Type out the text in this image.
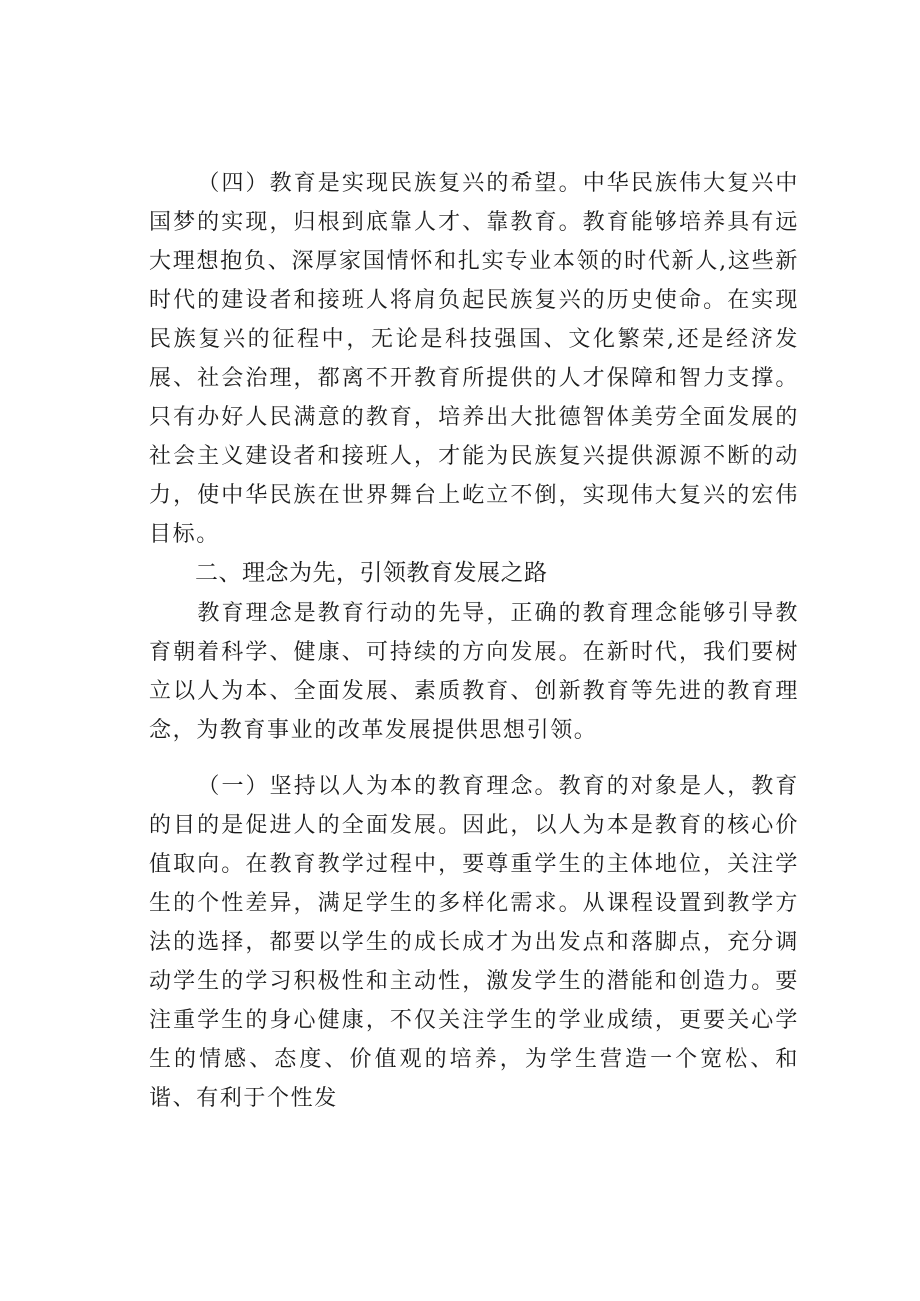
（四）教育是实现民族复兴的希望。中华民族伟大复兴中国梦的实现，归根到底靠人才、靠教育。教育能够培养具有远大理想抱负、深厚家国情怀和扎实专业本领的时代新人,这些新时代的建设者和接班人将肩负起民族复兴的历史使命。在实现民族复兴的征程中，无论是科技强国、文化繁荣,还是经济发展、社会治理，都离不开教育所提供的人才保障和智力支撑。只有办好人民满意的教育，培养出大批德智体美劳全面发展的社会主义建设者和接班人，才能为民族复兴提供源源不断的动力，使中华民族在世界舞台上屹立不倒，实现伟大复兴的宏伟目标。

二、理念为先，引领教育发展之路

教育理念是教育行动的先导，正确的教育理念能够引导教育朝着科学、健康、可持续的方向发展。在新时代，我们要树立以人为本、全面发展、素质教育、创新教育等先进的教育理念，为教育事业的改革发展提供思想引领。

（一）坚持以人为本的教育理念。教育的对象是人，教育的目的是促进人的全面发展。因此，以人为本是教育的核心价值取向。在教育教学过程中，要尊重学生的主体地位，关注学生的个性差异，满足学生的多样化需求。从课程设置到教学方法的选择，都要以学生的成长成才为出发点和落脚点，充分调动学生的学习积极性和主动性，激发学生的潜能和创造力。要注重学生的身心健康，不仅关注学生的学业成绩，更要关心学生的情感、态度、价值观的培养，为学生营造一个宽松、和谐、有利于个性发
